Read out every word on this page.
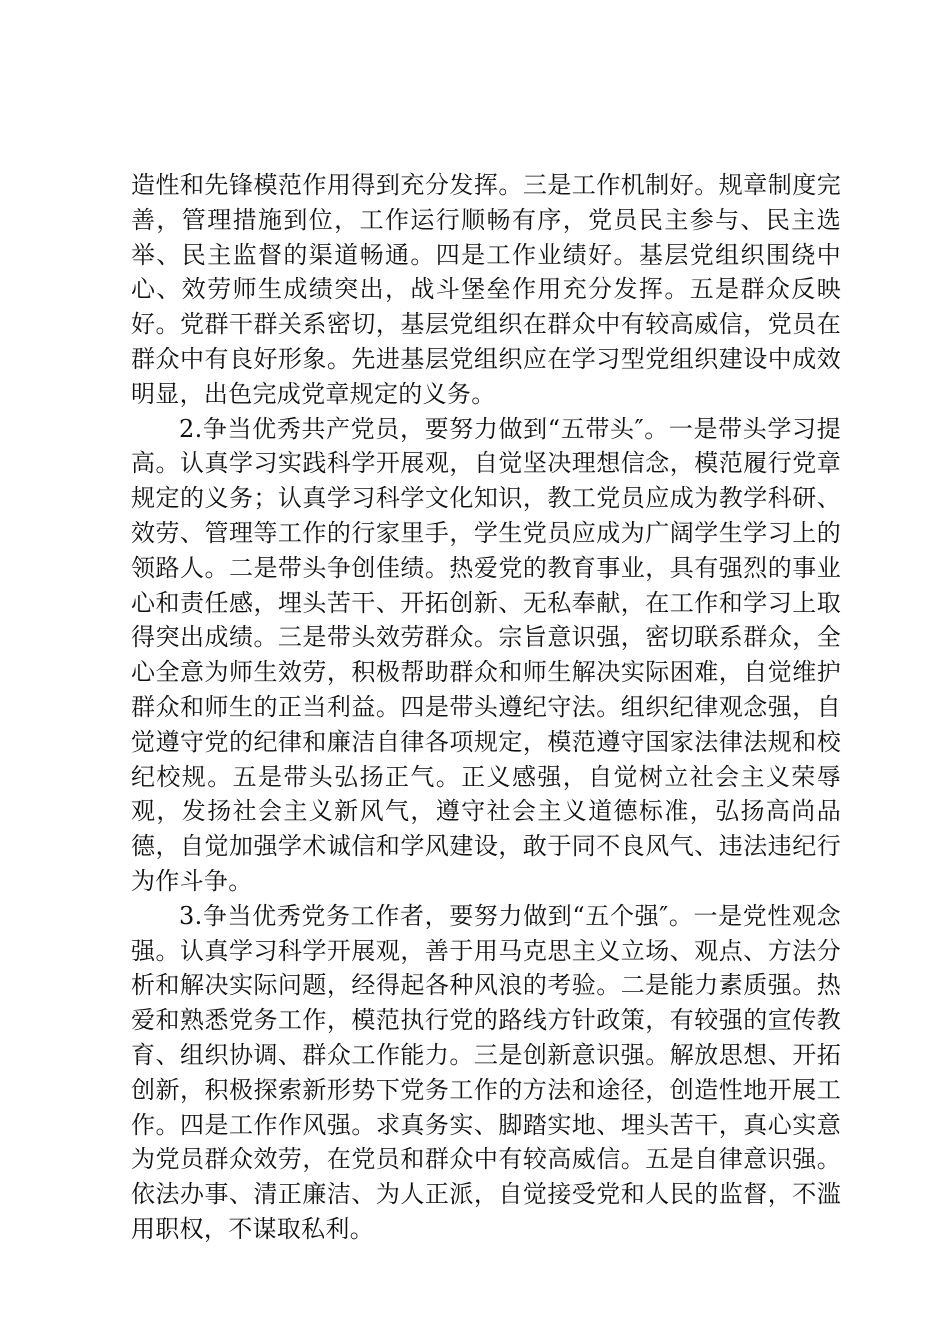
造性和先锋模范作用得到充分发挥。三是工作机制好。规章制度完善，管理措施到位，工作运行顺畅有序，党员民主参与、民主选举、民主监督的渠道畅通。四是工作业绩好。基层党组织围绕中心、效劳师生成绩突出，战斗堡垒作用充分发挥。五是群众反映好。党群干群关系密切，基层党组织在群众中有较高威信，党员在群众中有良好形象。先进基层党组织应在学习型党组织建设中成效明显，出色完成党章规定的义务。

2.争当优秀共产党员，要努力做到“五带头″。一是带头学习提高。认真学习实践科学开展观，自觉坚决理想信念，模范履行党章规定的义务；认真学习科学文化知识，教工党员应成为教学科研、效劳、管理等工作的行家里手，学生党员应成为广阔学生学习上的领路人。二是带头争创佳绩。热爱党的教育事业，具有强烈的事业心和责任感，埋头苦干、开拓创新、无私奉献，在工作和学习上取得突出成绩。三是带头效劳群众。宗旨意识强，密切联系群众，全心全意为师生效劳，积极帮助群众和师生解决实际困难，自觉维护群众和师生的正当利益。四是带头遵纪守法。组织纪律观念强，自觉遵守党的纪律和廉洁自律各项规定，模范遵守国家法律法规和校纪校规。五是带头弘扬正气。正义感强，自觉树立社会主义荣辱观，发扬社会主义新风气，遵守社会主义道德标准，弘扬高尚品德，自觉加强学术诚信和学风建设，敢于同不良风气、违法违纪行为作斗争。

3.争当优秀党务工作者，要努力做到“五个强″。一是党性观念强。认真学习科学开展观，善于用马克思主义立场、观点、方法分析和解决实际问题，经得起各种风浪的考验。二是能力素质强。热爱和熟悉党务工作，模范执行党的路线方针政策，有较强的宣传教育、组织协调、群众工作能力。三是创新意识强。解放思想、开拓创新，积极探索新形势下党务工作的方法和途径，创造性地开展工作。四是工作作风强。求真务实、脚踏实地、埋头苦干，真心实意为党员群众效劳，在党员和群众中有较高威信。五是自律意识强。依法办事、清正廉洁、为人正派，自觉接受党和人民的监督，不滥用职权，不谋取私利。
